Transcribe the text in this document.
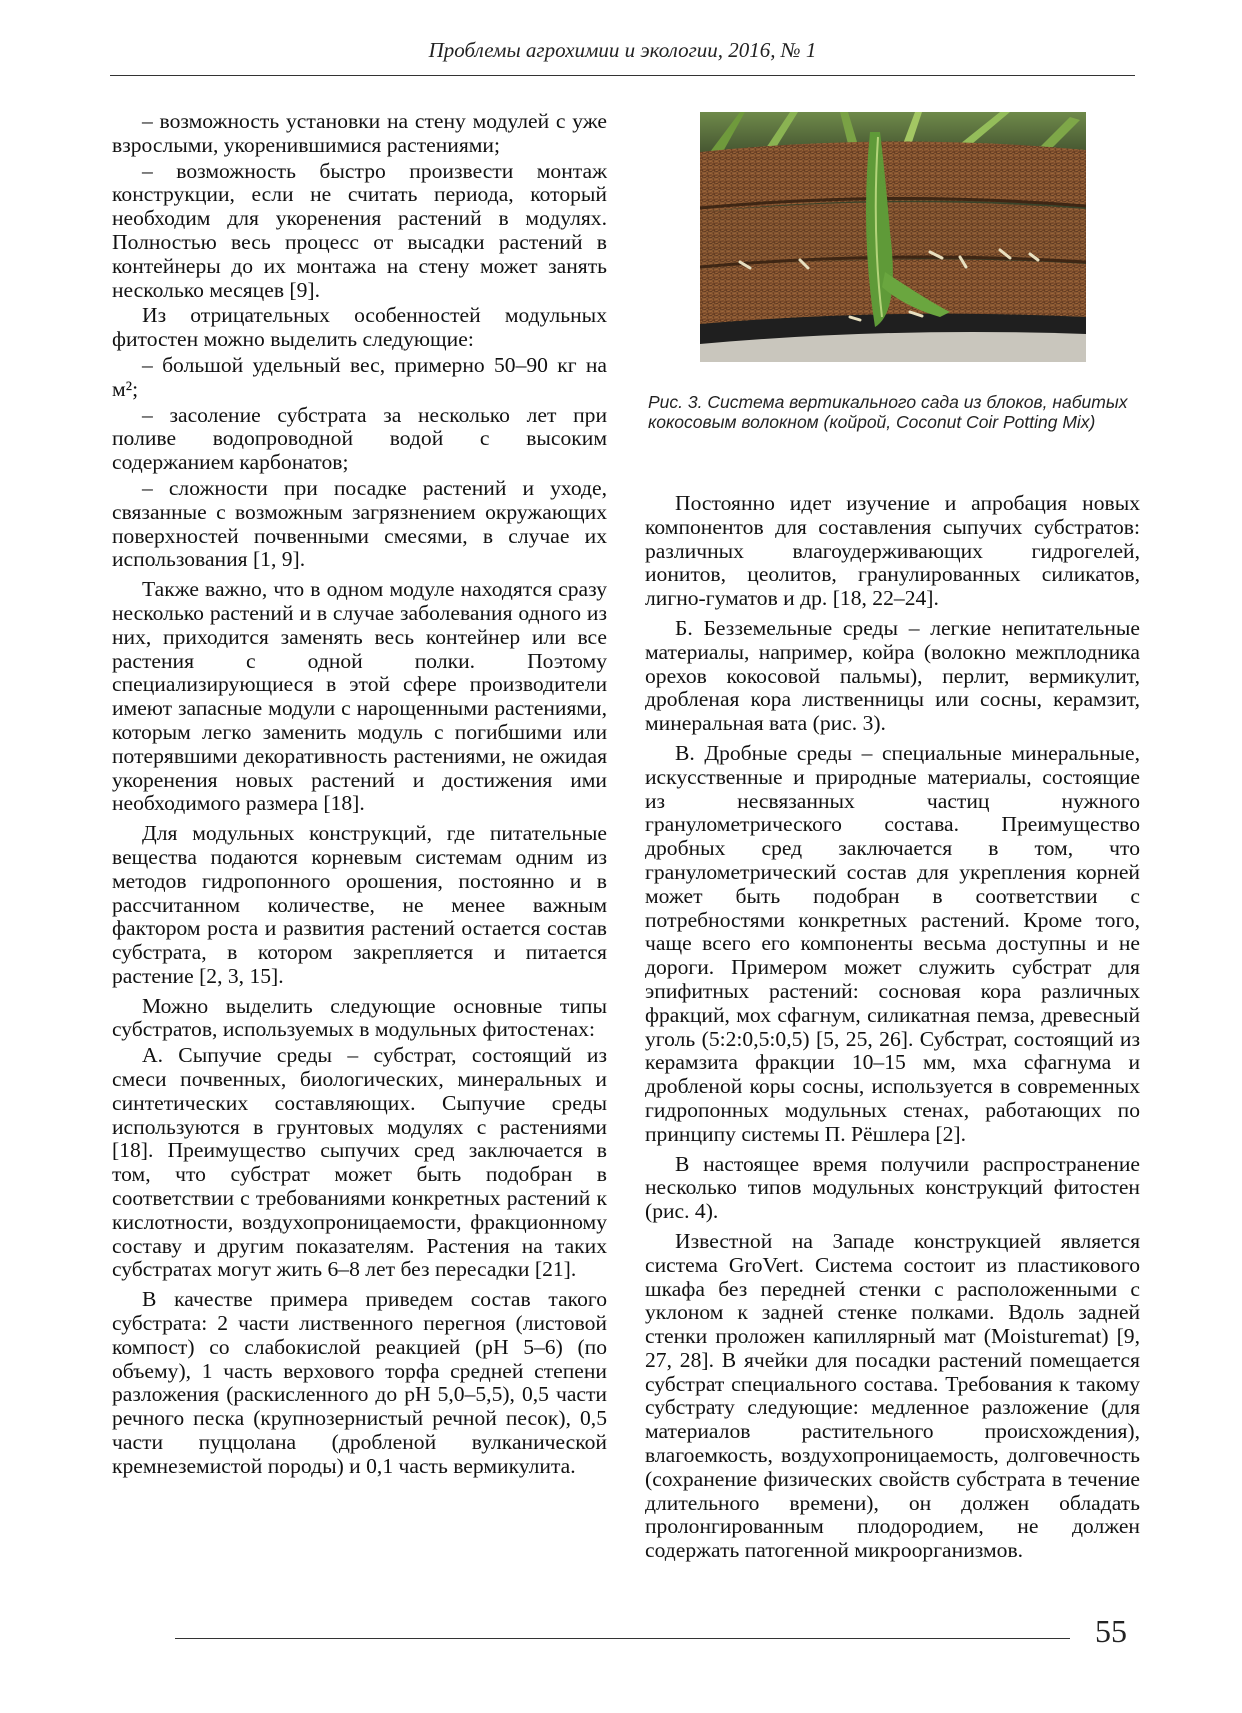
Проблемы агрохимии и экологии, 2016, № 1

– возможность установки на стену модулей с уже взрослыми, укоренившимися растениями;

– возможность быстро произвести монтаж конструкции, если не считать периода, который необходим для укоренения растений в модулях. Полностью весь процесс от высадки растений в контейнеры до их монтажа на стену может занять несколько месяцев [9].

Из отрицательных особенностей модульных фитостен можно выделить следующие:

– большой удельный вес, примерно 50–90 кг на м²;

– засоление субстрата за несколько лет при поливе водопроводной водой с высоким содержанием карбонатов;

– сложности при посадке растений и уходе, связанные с возможным загрязнением окружающих поверхностей почвенными смесями, в случае их использования [1, 9].

Также важно, что в одном модуле находятся сразу несколько растений и в случае заболевания одного из них, приходится заменять весь контейнер или все растения с одной полки. Поэтому специализирующиеся в этой сфере производители имеют запасные модули с нарощенными растениями, которым легко заменить модуль с погибшими или потерявшими декоративность растениями, не ожидая укоренения новых растений и достижения ими необходимого размера [18].

Для модульных конструкций, где питательные вещества подаются корневым системам одним из методов гидропонного орошения, постоянно и в рассчитанном количестве, не менее важным фактором роста и развития растений остается состав субстрата, в котором закрепляется и питается растение [2, 3, 15].

Можно выделить следующие основные типы субстратов, используемых в модульных фитостенах:

А. Сыпучие среды – субстрат, состоящий из смеси почвенных, биологических, минеральных и синтетических составляющих. Сыпучие среды используются в грунтовых модулях с растениями [18]. Преимущество сыпучих сред заключается в том, что субстрат может быть подобран в соответствии с требованиями конкретных растений к кислотности, воздухопроницаемости, фракционному составу и другим показателям. Растения на таких субстратах могут жить 6–8 лет без пересадки [21].

В качестве примера приведем состав такого субстрата: 2 части лиственного перегноя (листовой компост) со слабокислой реакцией (рН 5–6) (по объему), 1 часть верхового торфа средней степени разложения (раскисленного до рН 5,0–5,5), 0,5 части речного песка (крупнозернистый речной песок), 0,5 части пуццолана (дробленой вулканической кремнеземистой породы) и 0,1 часть вермикулита.

Рис. 3. Система вертикального сада из блоков, набитых кокосовым волокном (койрой, Coconut Coir Potting Mix)

Постоянно идет изучение и апробация новых компонентов для составления сыпучих субстратов: различных влагоудерживающих гидрогелей, ионитов, цеолитов, гранулированных силикатов, лигно-гуматов и др. [18, 22–24].

Б. Безземельные среды – легкие непитательные материалы, например, койра (волокно межплодника орехов кокосовой пальмы), перлит, вермикулит, дробленая кора лиственницы или сосны, керамзит, минеральная вата (рис. 3).

В. Дробные среды – специальные минеральные, искусственные и природные материалы, состоящие из несвязанных частиц нужного гранулометрического состава. Преимущество дробных сред заключается в том, что гранулометрический состав для укрепления корней может быть подобран в соответствии с потребностями конкретных растений. Кроме того, чаще всего его компоненты весьма доступны и не дороги. Примером может служить субстрат для эпифитных растений: сосновая кора различных фракций, мох сфагнум, силикатная пемза, древесный уголь (5:2:0,5:0,5) [5, 25, 26]. Субстрат, состоящий из керамзита фракции 10–15 мм, мха сфагнума и дробленой коры сосны, используется в современных гидропонных модульных стенах, работающих по принципу системы П. Рёшлера [2].

В настоящее время получили распространение несколько типов модульных конструкций фитостен (рис. 4).

Известной на Западе конструкцией является система GroVert. Система состоит из пластикового шкафа без передней стенки с расположенными с уклоном к задней стенке полками. Вдоль задней стенки проложен капиллярный мат (Moisturemat) [9, 27, 28]. В ячейки для посадки растений помещается субстрат специального состава. Требования к такому субстрату следующие: медленное разложение (для материалов растительного происхождения), влагоемкость, воздухопроницаемость, долговечность (сохранение физических свойств субстрата в течение длительного времени), он должен обладать пролонгированным плодородием, не должен содержать патогенной микроорганизмов.

55
